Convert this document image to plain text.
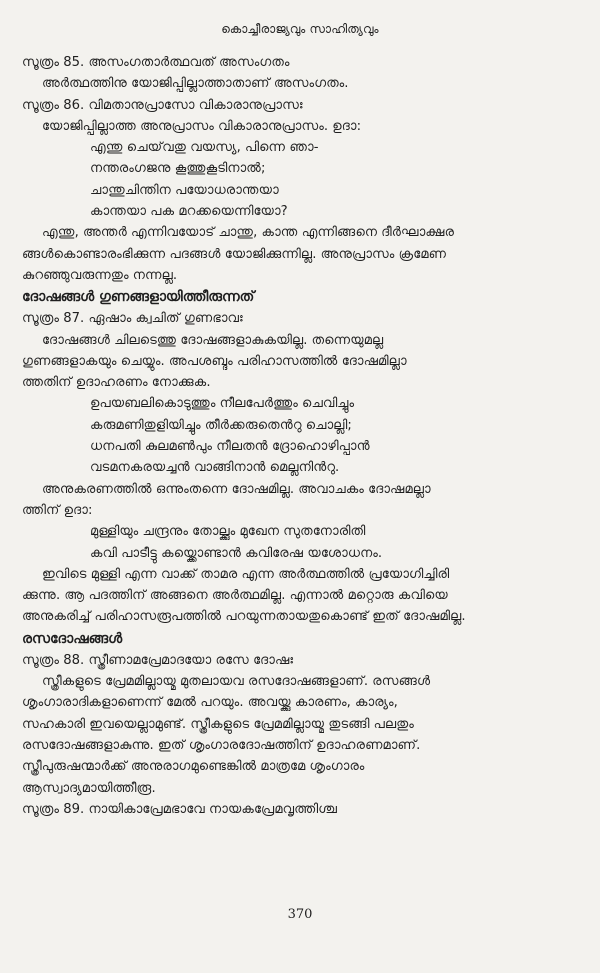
കൊച്ചീരാജ്യവും സാഹിത്യവും
സൂത്രം 85. അസംഗതാർത്ഥവത് അസംഗതം
അർത്ഥത്തിനു യോജിപ്പില്ലാത്താതാണ് അസംഗതം.
സൂത്രം 86. വിമതാനുപ്രാസോ വികാരാനുപ്രാസഃ
യോജിപ്പില്ലാത്ത അനുപ്രാസം വികാരാനുപ്രാസം. ഉദാ:
എന്തു ചെയ്‌വതു വയസ്യ, പിന്നെ ഞാ-
നന്തരംഗജനു കൂത്തുകൂടിനാൽ;
ചാന്തുചിന്തിന പയോധരാന്തയാ
കാന്തയാ പക മറക്കയെന്നിയോ?
എന്തു, അന്തർ എന്നിവയോട് ചാന്തു, കാന്ത എന്നിങ്ങനെ ദീർഘാക്ഷര
ങ്ങൾകൊണ്ടാരംഭിക്കുന്ന പദങ്ങൾ യോജിക്കുന്നില്ല. അനുപ്രാസം ക്രമേണ
കുറഞ്ഞുവരുന്നതും നന്നല്ല.
ദോഷങ്ങൾ ഗുണങ്ങളായിത്തീരുന്നത്
സൂത്രം 87. ഏഷാം ക്വചിത് ഗുണഭാവഃ
ദോഷങ്ങൾ ചിലടെത്തു ദോഷങ്ങളാകുകയില്ല. തന്നെയുമല്ല
ഗുണങ്ങളാകയും ചെയ്യും. അപശബ്ദം പരിഹാസത്തിൽ ദോഷമില്ലാ
ത്തതിന് ഉദാഹരണം നോക്കുക.
ഉപയബലികൊടുത്തും നീലപേർത്തും ചെവിച്ചും
കരുമണിതുളിയിച്ചും തീർക്കരുതെൻറു ചൊല്ലി;
ധനപതി കുലമൺപും നീലതൻ ദ്രോഹൊഴിപ്പാൻ
വടമനകരയച്ചൻ വാങ്ങിനാൻ മെല്ലനിൻറു.
അനുകരണത്തിൽ ഒന്നുംതന്നെ ദോഷമില്ല. അവാചകം ദോഷമല്ലാ
ത്തിന് ഉദാ:
മുള്ളിയും ചന്ദ്രനും തോല്ക്കും മുഖേന സുതനോരിതി
കവി പാടീട്ടു കയ്ക്കൊണ്ടാൻ കവിരേഷ യശോധനം.
ഇവിടെ മുള്ളി എന്ന വാക്ക് താമര എന്ന അർത്ഥത്തിൽ പ്രയോഗിച്ചിരി
ക്കുന്നു. ആ പദത്തിന് അങ്ങനെ അർത്ഥമില്ല. എന്നാൽ മറ്റൊരു കവിയെ
അനുകരിച്ച് പരിഹാസരൂപത്തിൽ പറയുന്നതായതുകൊണ്ട് ഇത് ദോഷമില്ല.
രസദോഷങ്ങൾ
സൂത്രം 88. സ്ത്രീണാമപ്രേമാദയോ രസേ ദോഷഃ
സ്ത്രീകളുടെ പ്രേമമില്ലായ്മ മുതലായവ രസദോഷങ്ങളാണ്. രസങ്ങൾ
ശൃംഗാരാദികളാണെന്ന് മേൽ പറയും. അവയ്ക്കു കാരണം, കാര്യം,
സഹകാരി ഇവയെല്ലാമുണ്ട്. സ്ത്രീകളുടെ പ്രേമമില്ലായ്മ തുടങ്ങി പലതും
രസദോഷങ്ങളാകുന്നു. ഇത് ശൃംഗാരദോഷത്തിന് ഉദാഹരണമാണ്.
സ്ത്രീപുരുഷന്മാർക്ക് അനുരാഗമുണ്ടെങ്കിൽ മാത്രമേ ശൃംഗാരം
ആസ്വാദ്യമായിത്തീരൂ.
സൂത്രം 89. നായികാപ്രേമഭാവേ നായകപ്രേമവൃത്തിശ്ച
370
